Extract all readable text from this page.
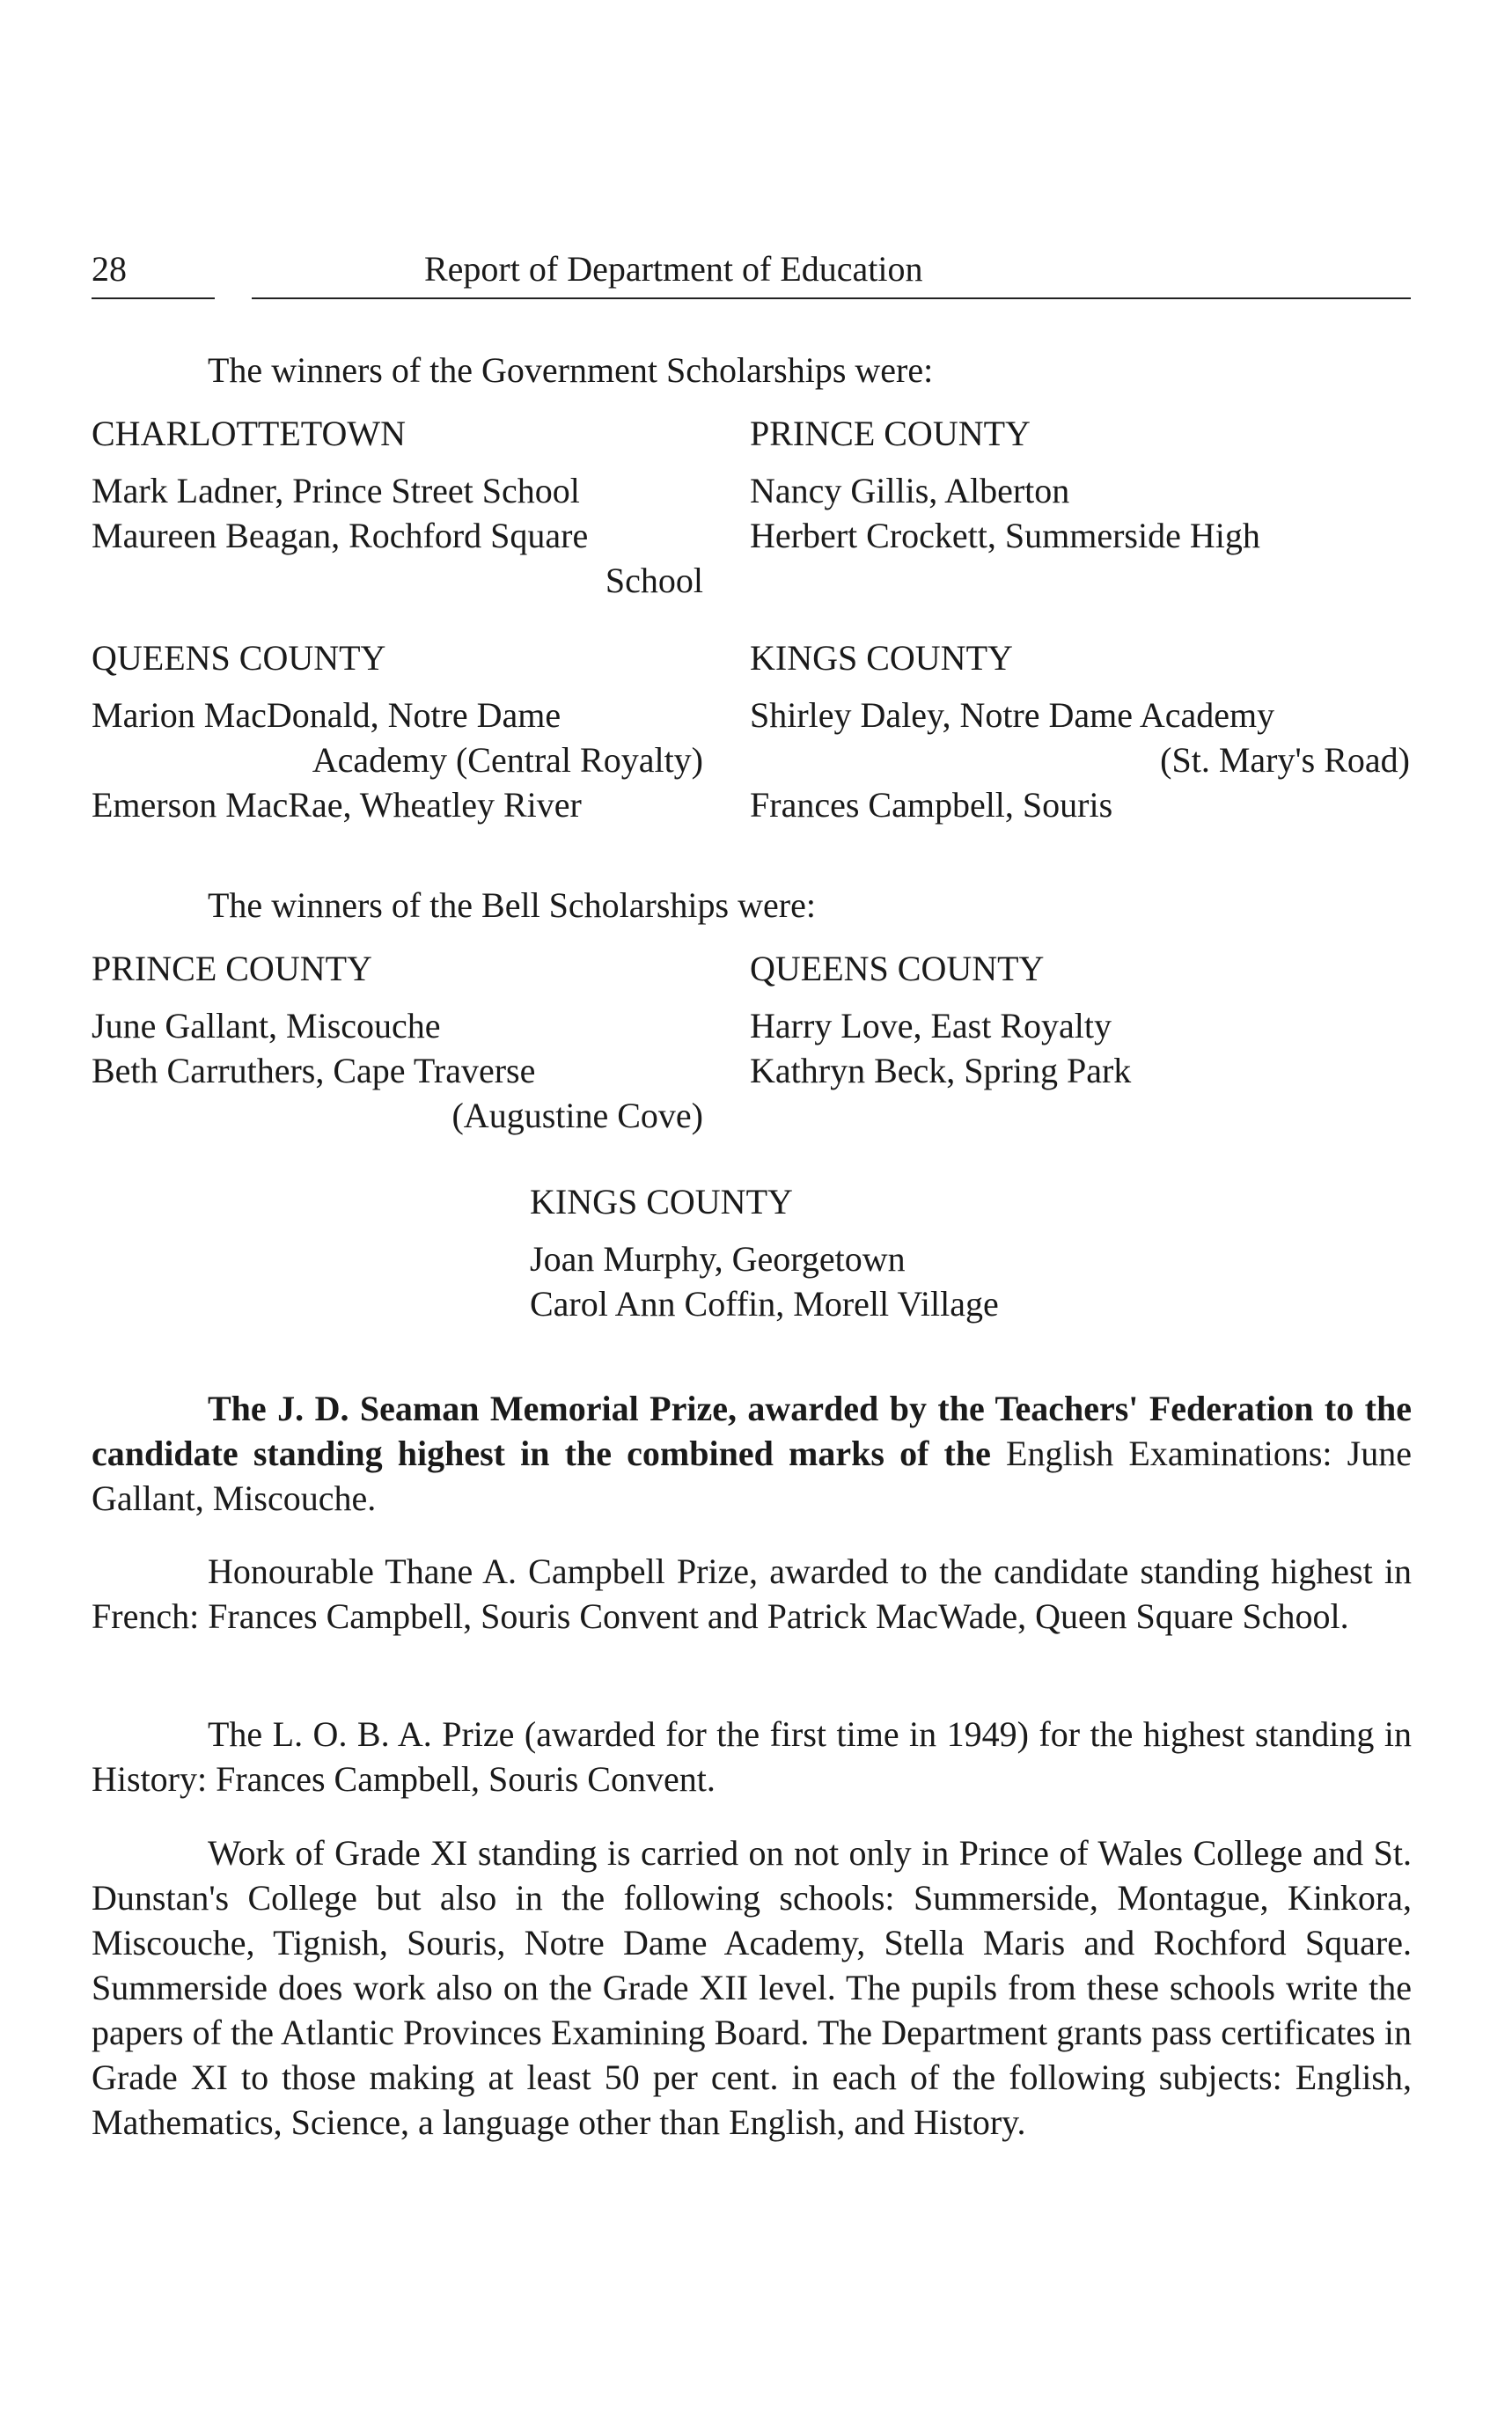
28	Report of Department of Education
The winners of the Government Scholarships were:

CHARLOTTETOWN

Mark Ladner, Prince Street School

Maureen Beagan, Rochford Square

School

PRINCE COUNTY

Nancy Gillis, Alberton

Herbert Crockett, Summerside High

QUEENS COUNTY

Marion MacDonald, Notre Dame

Academy (Central Royalty)

Emerson MacRae, Wheatley River

KINGS COUNTY

Shirley Daley, Notre Dame Academy

(St. Mary's Road)

Frances Campbell, Souris

The winners of the Bell Scholarships were:

PRINCE COUNTY

June Gallant, Miscouche

Beth Carruthers, Cape Traverse

(Augustine Cove)

QUEENS COUNTY

Harry Love, East Royalty

Kathryn Beck, Spring Park

KINGS COUNTY

Joan Murphy, Georgetown

Carol Ann Coffin, Morell Village

The J. D. Seaman Memorial Prize, awarded by the Teachers' Federation to the candidate standing highest in the combined marks of the English Examinations: June Gallant, Miscouche.

Honourable Thane A. Campbell Prize, awarded to the candidate standing highest in French: Frances Campbell, Souris Convent and Patrick MacWade, Queen Square School.

The L. O. B. A. Prize (awarded for the first time in 1949) for the highest standing in History: Frances Campbell, Souris Convent.

Work of Grade XI standing is carried on not only in Prince of Wales College and St. Dunstan's College but also in the following schools: Summerside, Montague, Kinkora, Miscouche, Tignish, Souris, Notre Dame Academy, Stella Maris and Rochford Square. Summerside does work also on the Grade XII level. The pupils from these schools write the papers of the Atlantic Provinces Examining Board. The Department grants pass certificates in Grade XI to those making at least 50 per cent. in each of the following subjects: English, Mathematics, Science, a language other than English, and History.
